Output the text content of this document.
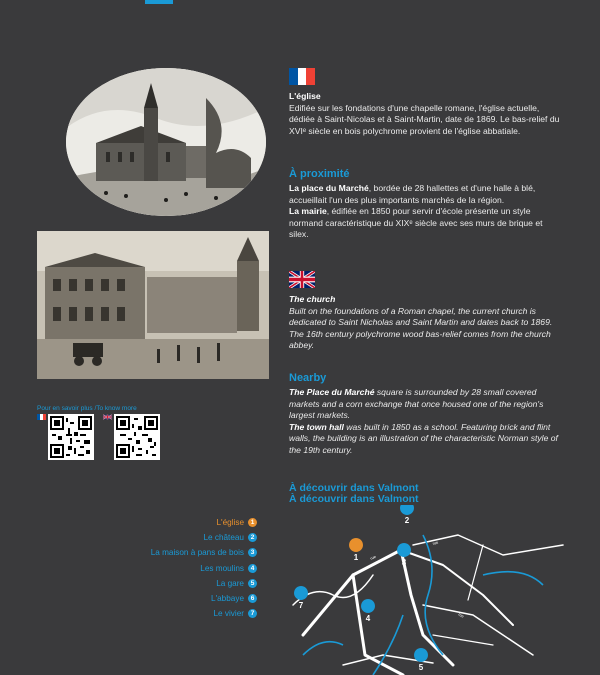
Pour en savoir plus /To know more
L'église
Edifiée sur les fondations d'une chapelle romane, l'église actuelle, dédiée à Saint-Nicolas et à Saint-Martin, date de 1869. Le bas-relief du XVIᵉ siècle en bois polychrome provient de l'église abbatiale.
À proximité
La place du Marché, bordée de 28 hallettes et d'une halle à blé, accueillait l'un des plus importants marchés de la région.
La mairie, édifiée en 1850 pour servir d'école présente un style normand caractéristique du XIXᵉ siècle avec ses murs de brique et silex.
The church
Built on the foundations of a Roman chapel, the current church is dedicated to Saint Nicholas and Saint Martin and dates back to 1869. The 16th century polychrome wood bas-relief comes from the church abbey.
Nearby
The Place du Marché square is surrounded by 28 small covered markets and a corn exchange that once housed one of the region's largest markets.
The town hall was built in 1850 as a school. Featuring brick and flint walls, the building is an illustration of the characteristic Norman style of the 19th century.
À découvrir dans Valmont
À découvrir dans Valmont
L'église	1
Le château	2
La maison à pans de bois	3
Les moulins	4
La gare	5
L'abbaye	6
Le vivier	7
rue
rue
rue
1
2
3
4
5
7
